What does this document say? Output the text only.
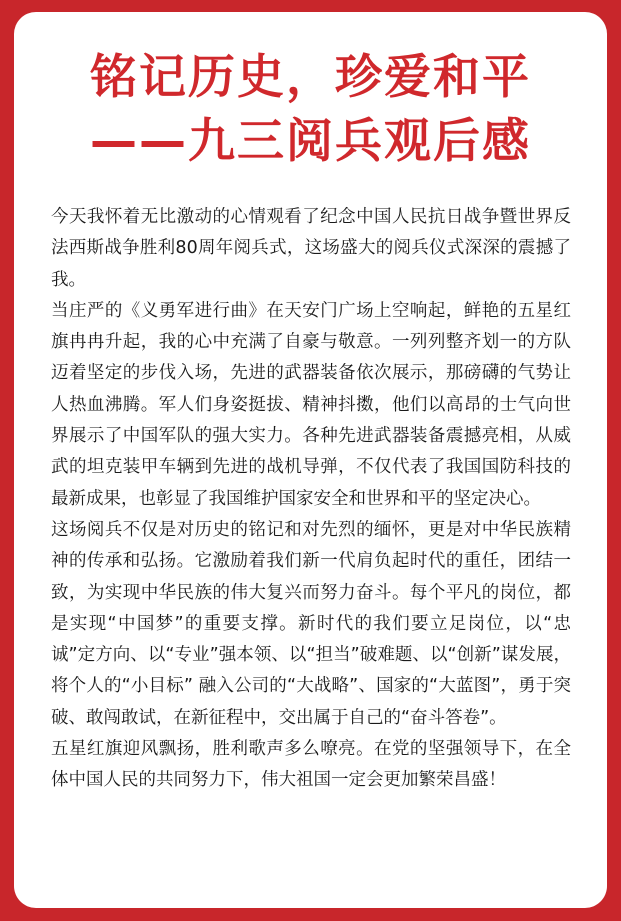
铭记历史，珍爱和平
——九三阅兵观后感

今天我怀着无比激动的心情观看了纪念中国人民抗日战争暨世界反法西斯战争胜利80周年阅兵式，这场盛大的阅兵仪式深深的震撼了我。

当庄严的《义勇军进行曲》在天安门广场上空响起，鲜艳的五星红旗冉冉升起，我的心中充满了自豪与敬意。一列列整齐划一的方队迈着坚定的步伐入场，先进的武器装备依次展示，那磅礴的气势让人热血沸腾。军人们身姿挺拔、精神抖擞，他们以高昂的士气向世界展示了中国军队的强大实力。各种先进武器装备震撼亮相，从威武的坦克装甲车辆到先进的战机导弹，不仅代表了我国国防科技的最新成果，也彰显了我国维护国家安全和世界和平的坚定决心。

这场阅兵不仅是对历史的铭记和对先烈的缅怀，更是对中华民族精神的传承和弘扬。它激励着我们新一代肩负起时代的重任，团结一致，为实现中华民族的伟大复兴而努力奋斗。每个平凡的岗位，都是实现“中国梦”的重要支撑。新时代的我们要立足岗位，以“忠诚”定方向、以“专业”强本领、以“担当”破难题、以“创新”谋发展，将个人的“小目标” 融入公司的“大战略”、国家的“大蓝图”，勇于突破、敢闯敢试，在新征程中，交出属于自己的“奋斗答卷”。

五星红旗迎风飘扬，胜利歌声多么嘹亮。在党的坚强领导下，在全体中国人民的共同努力下，伟大祖国一定会更加繁荣昌盛！
